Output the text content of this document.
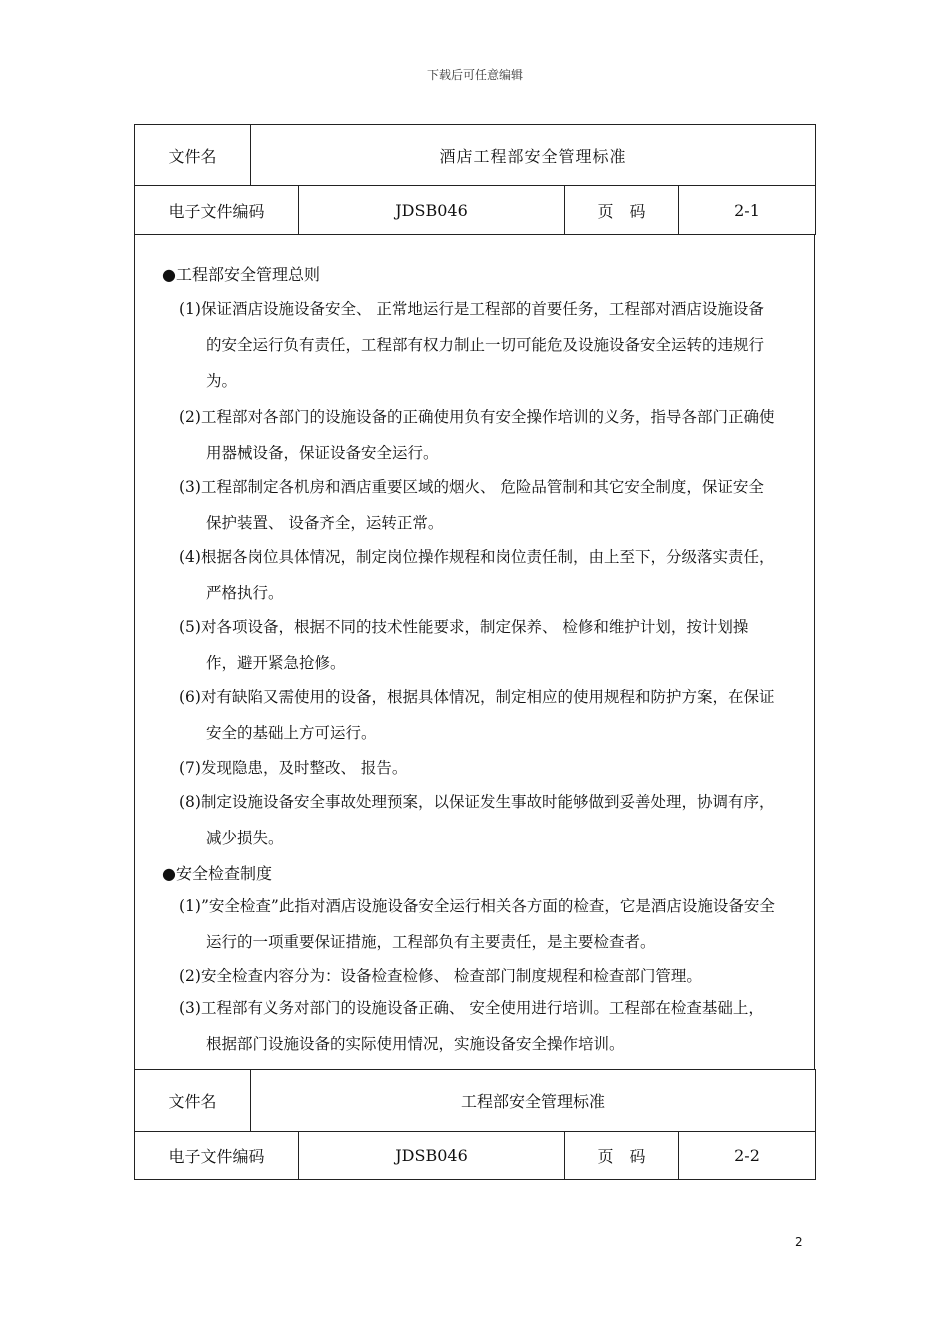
下载后可任意编辑
文件名	酒店工程部安全管理标准			
电子文件编码		JDSB046	页　码	2-1
●工程部安全管理总则
(1)保证酒店设施设备安全、 正常地运行是工程部的首要任务，工程部对酒店设施设备的安全运行负有责任，工程部有权力制止一切可能危及设施设备安全运转的违规行为。
(2)工程部对各部门的设施设备的正确使用负有安全操作培训的义务，指导各部门正确使用器械设备，保证设备安全运行。
(3)工程部制定各机房和酒店重要区域的烟火、 危险品管制和其它安全制度，保证安全保护装置、 设备齐全，运转正常。
(4)根据各岗位具体情况，制定岗位操作规程和岗位责任制，由上至下，分级落实责任，严格执行。
(5)对各项设备，根据不同的技术性能要求，制定保养、 检修和维护计划，按计划操作，避开紧急抢修。
(6)对有缺陷又需使用的设备，根据具体情况，制定相应的使用规程和防护方案，在保证安全的基础上方可运行。
(7)发现隐患，及时整改、 报告。
(8)制定设施设备安全事故处理预案，以保证发生事故时能够做到妥善处理，协调有序，减少损失。
●安全检查制度
(1)”安全检查”此指对酒店设施设备安全运行相关各方面的检查，它是酒店设施设备安全运行的一项重要保证措施，工程部负有主要责任，是主要检查者。
(2)安全检查内容分为：设备检查检修、 检查部门制度规程和检查部门管理。
(3)工程部有义务对部门的设施设备正确、 安全使用进行培训。工程部在检查基础上，根据部门设施设备的实际使用情况，实施设备安全操作培训。
文件名	工程部安全管理标准			
电子文件编码		JDSB046	页　码	2-2
2
